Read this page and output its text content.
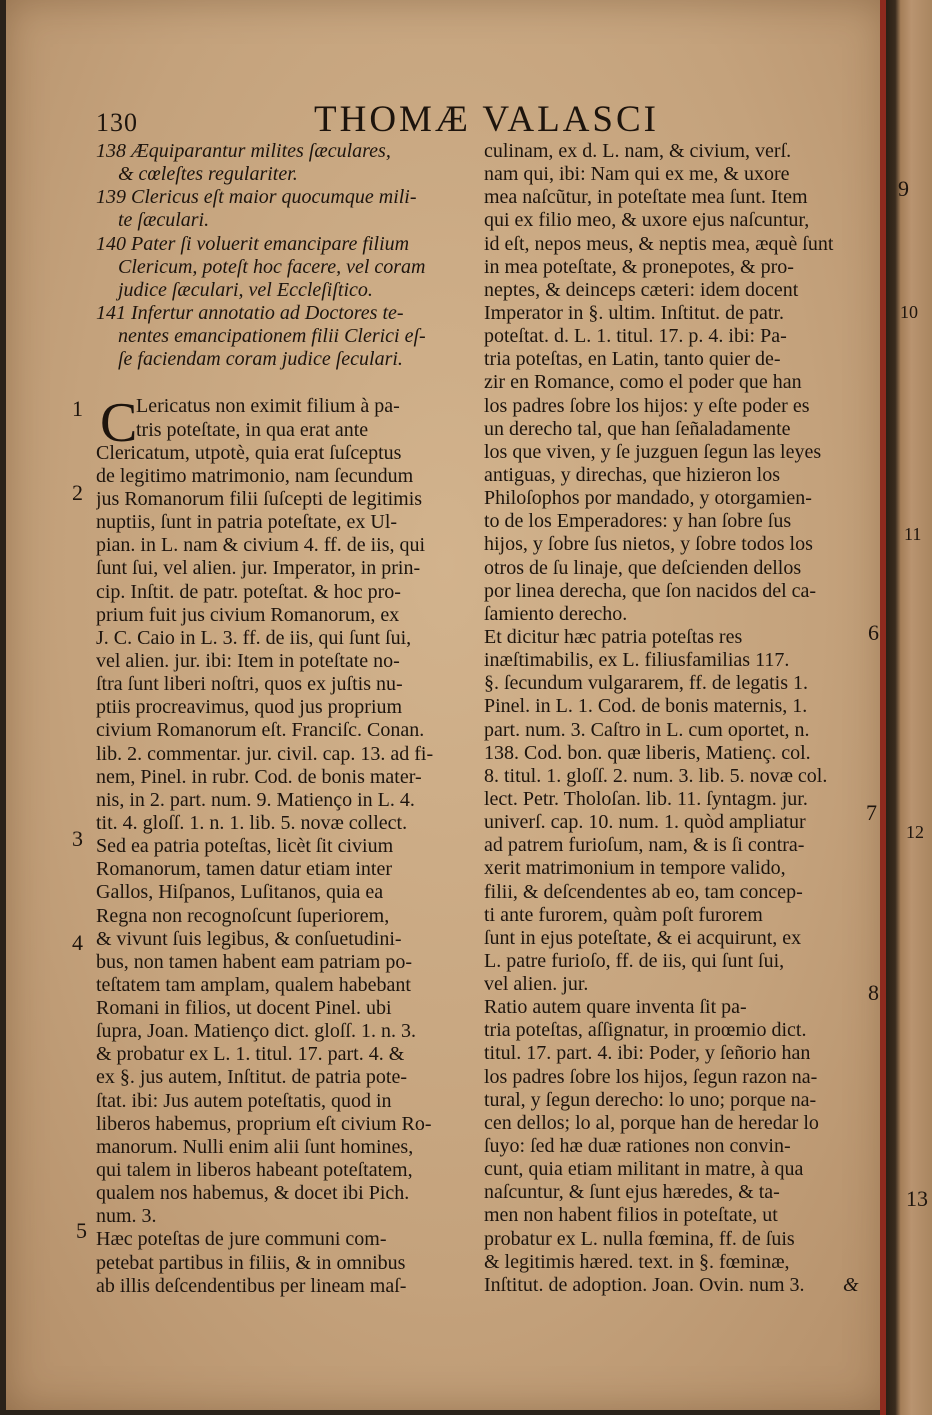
130	THOMÆ VALASCI
138 Æquiparantur milites ſæculares,
& cœleſtes regulariter.
139 Clericus eſt maior quocumque mili-
te ſæculari.
140 Pater ſi voluerit emancipare filium
Clericum, poteſt hoc facere, vel coram
judice ſæculari, vel Eccleſiſtico.
141 Infertur annotatio ad Doctores te-
nentes emancipationem filii Clerici eſ-
ſe faciendam coram judice ſeculari.
C
Lericatus non eximit filium à pa-
tris poteſtate, in qua erat ante
Clericatum, utpotè, quia erat ſuſceptus
de legitimo matrimonio, nam ſecundum
jus Romanorum filii ſuſcepti de legitimis
nuptiis, ſunt in patria poteſtate, ex Ul-
pian. in L. nam & civium 4. ff. de iis, qui
ſunt ſui, vel alien. jur. Imperator, in prin-
cip. Inſtit. de patr. poteſtat. & hoc pro-
prium fuit jus civium Romanorum, ex
J. C. Caio in L. 3. ff. de iis, qui ſunt ſui,
vel alien. jur. ibi: Item in poteſtate no-
ſtra ſunt liberi noſtri, quos ex juſtis nu-
ptiis procreavimus, quod jus proprium
civium Romanorum eſt. Franciſc. Conan.
lib. 2. commentar. jur. civil. cap. 13. ad fi-
nem, Pinel. in rubr. Cod. de bonis mater-
nis, in 2. part. num. 9. Matienço in L. 4.
tit. 4. gloſſ. 1. n. 1. lib. 5. novæ collect.
Sed ea patria poteſtas, licèt ſit civium
Romanorum, tamen datur etiam inter
Gallos, Hiſpanos, Luſitanos, quia ea
Regna non recognoſcunt ſuperiorem,
& vivunt ſuis legibus, & conſuetudini-
bus, non tamen habent eam patriam po-
teſtatem tam amplam, qualem habebant
Romani in filios, ut docent Pinel. ubi
ſupra, Joan. Matienço dict. gloſſ. 1. n. 3.
& probatur ex L. 1. titul. 17. part. 4. &
ex §. jus autem, Inſtitut. de patria pote-
ſtat. ibi: Jus autem poteſtatis, quod in
liberos habemus, proprium eſt civium Ro-
manorum. Nulli enim alii ſunt homines,
qui talem in liberos habeant poteſtatem,
qualem nos habemus, & docet ibi Pich.
num. 3.
Hæc poteſtas de jure communi com-
petebat partibus in filiis, & in omnibus
ab illis deſcendentibus per lineam maſ-
culinam, ex d. L. nam, & civium, verſ.
nam qui, ibi: Nam qui ex me, & uxore
mea naſcũtur, in poteſtate mea ſunt. Item
qui ex filio meo, & uxore ejus naſcuntur,
id eſt, nepos meus, & neptis mea, æquè ſunt
in mea poteſtate, & pronepotes, & pro-
neptes, & deinceps cæteri: idem docent
Imperator in §. ultim. Inſtitut. de patr.
poteſtat. d. L. 1. titul. 17. p. 4. ibi: Pa-
tria poteſtas, en Latin, tanto quier de-
zir en Romance, como el poder que han
los padres ſobre los hijos: y eſte poder es
un derecho tal, que han ſeñaladamente
los que viven, y ſe juzguen ſegun las leyes
antiguas, y direchas, que hizieron los
Philoſophos por mandado, y otorgamien-
to de los Emperadores: y han ſobre ſus
hijos, y ſobre ſus nietos, y ſobre todos los
otros de ſu linaje, que deſcienden dellos
por linea derecha, que ſon nacidos del ca-
ſamiento derecho.
Et dicitur hæc patria poteſtas res
inæſtimabilis, ex L. filiusfamilias 117.
§. ſecundum vulgararem, ff. de legatis 1.
Pinel. in L. 1. Cod. de bonis maternis, 1.
part. num. 3. Caſtro in L. cum oportet, n.
138. Cod. bon. quæ liberis, Matienç. col.
8. titul. 1. gloſſ. 2. num. 3. lib. 5. novæ col.
lect. Petr. Tholoſan. lib. 11. ſyntagm. jur.
univerſ. cap. 10. num. 1. quòd ampliatur
ad patrem furioſum, nam, & is ſi contra-
xerit matrimonium in tempore valido,
filii, & deſcendentes ab eo, tam concep-
ti ante furorem, quàm poſt furorem
ſunt in ejus poteſtate, & ei acquirunt, ex
L. patre furioſo, ff. de iis, qui ſunt ſui,
vel alien. jur.
Ratio autem quare inventa ſit pa-
tria poteſtas, aſſignatur, in proœmio dict.
titul. 17. part. 4. ibi: Poder, y ſeñorio han
los padres ſobre los hijos, ſegun razon na-
tural, y ſegun derecho: lo uno; porque na-
cen dellos; lo al, porque han de heredar lo
ſuyo: ſed hæ duæ rationes non convin-
cunt, quia etiam militant in matre, à qua
naſcuntur, & ſunt ejus hæredes, & ta-
men non habent filios in poteſtate, ut
probatur ex L. nulla fœmina, ff. de ſuis
& legitimis hæred. text. in §. fœminæ,
Inſtitut. de adoption. Joan. Ovin. num 3.	&
1
2
3
4
5
6
7
8
9
10
11
12
13
